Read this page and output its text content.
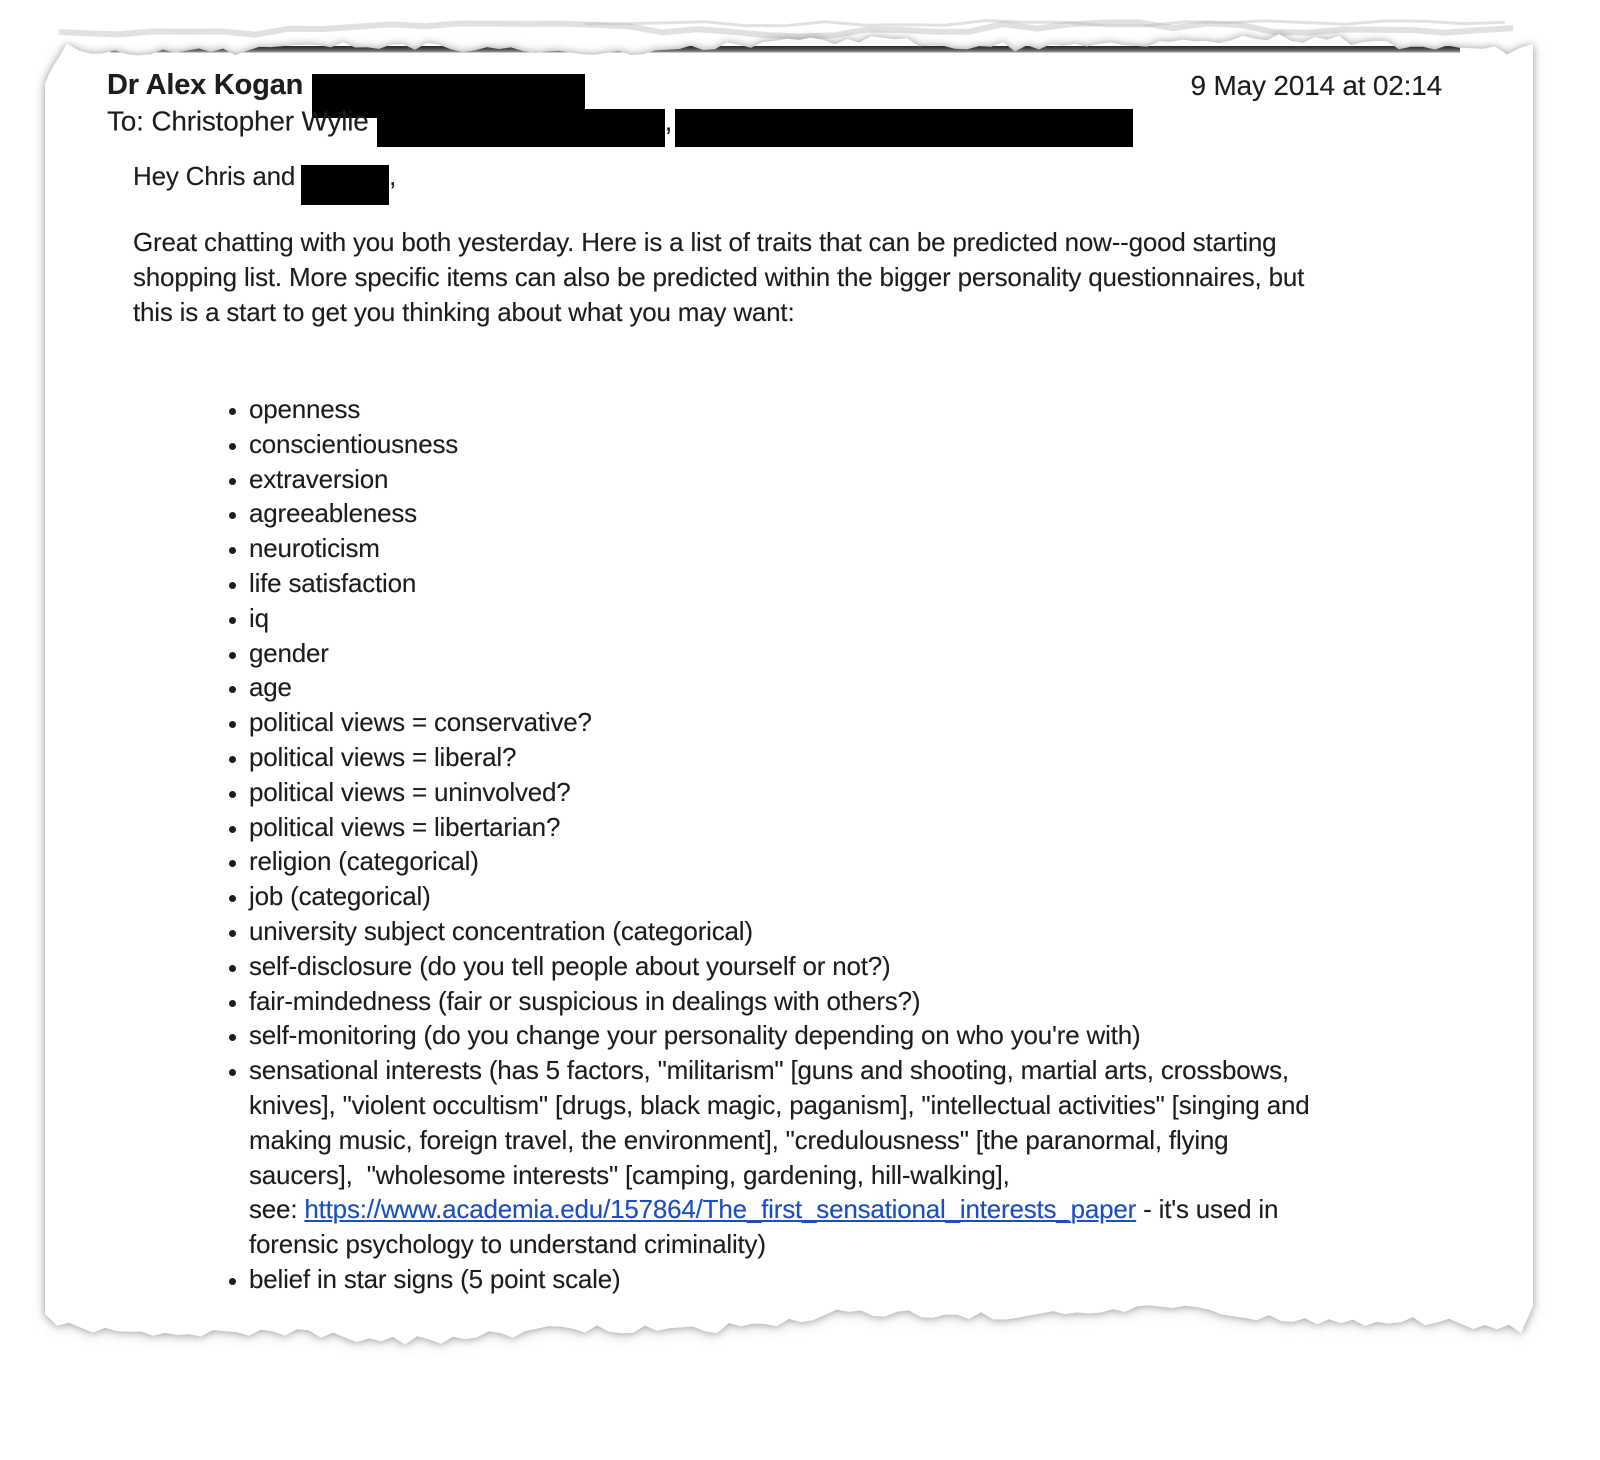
Dr Alex Kogan	9 May 2014 at 02:14
To: Christopher Wylie	,
Hey Chris and	,
Great chatting with you both yesterday. Here is a list of traits that can be predicted now--good starting
shopping list. More specific items can also be predicted within the bigger personality questionnaires, but
this is a start to get you thinking about what you may want:
• openness
• conscientiousness
• extraversion
• agreeableness
• neuroticism
• life satisfaction
• iq
• gender
• age
• political views = conservative?
• political views = liberal?
• political views = uninvolved?
• political views = libertarian?
• religion (categorical)
• job (categorical)
• university subject concentration (categorical)
• self-disclosure (do you tell people about yourself or not?)
• fair-mindedness (fair or suspicious in dealings with others?)
• self-monitoring (do you change your personality depending on who you're with)
• sensational interests (has 5 factors, "militarism" [guns and shooting, martial arts, crossbows,
knives], "violent occultism" [drugs, black magic, paganism], "intellectual activities" [singing and
making music, foreign travel, the environment], "credulousness" [the paranormal, flying
saucers],  "wholesome interests" [camping, gardening, hill-walking],
see: https://www.academia.edu/157864/The_first_sensational_interests_paper - it's used in
forensic psychology to understand criminality)
• belief in star signs (5 point scale)
